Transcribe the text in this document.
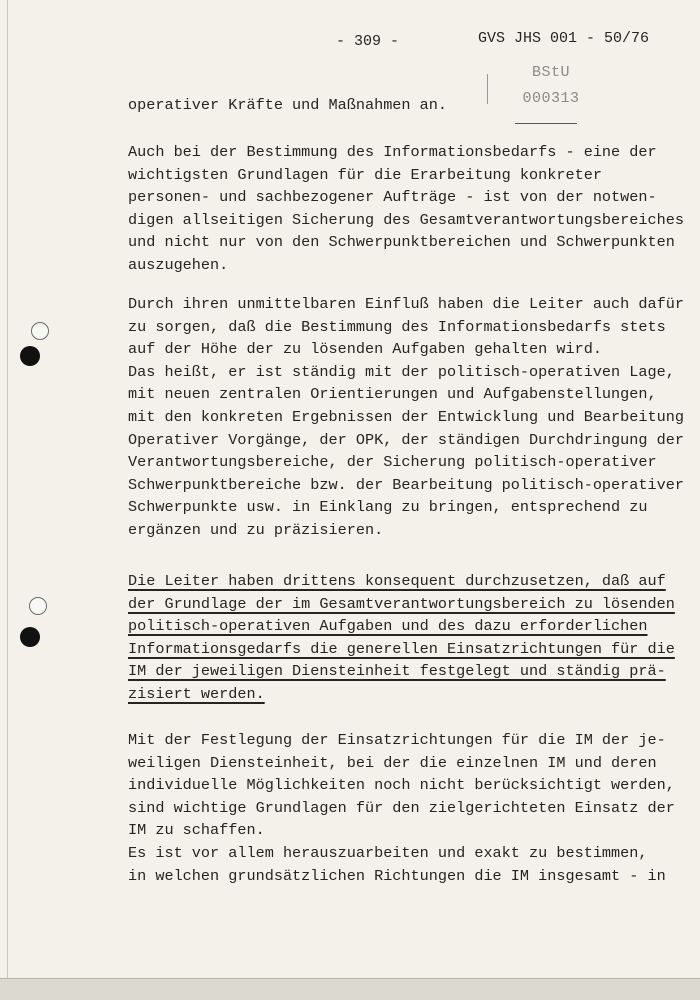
- 309 -	GVS JHS 001 - 50/76
BStU
000313
operativer Kräfte und Maßnahmen an.
Auch bei der Bestimmung des Informationsbedarfs - eine der
wichtigsten Grundlagen für die Erarbeitung konkreter
personen- und sachbezogener Aufträge - ist von der notwen-
digen allseitigen Sicherung des Gesamtverantwortungsbereiches
und nicht nur von den Schwerpunktbereichen und Schwerpunkten
auszugehen.
Durch ihren unmittelbaren Einfluß haben die Leiter auch dafür
zu sorgen, daß die Bestimmung des Informationsbedarfs stets
auf der Höhe der zu lösenden Aufgaben gehalten wird.
Das heißt, er ist ständig mit der politisch-operativen Lage,
mit neuen zentralen Orientierungen und Aufgabenstellungen,
mit den konkreten Ergebnissen der Entwicklung und Bearbeitung
Operativer Vorgänge, der OPK, der ständigen Durchdringung der
Verantwortungsbereiche, der Sicherung politisch-operativer
Schwerpunktbereiche bzw. der Bearbeitung politisch-operativer
Schwerpunkte usw. in Einklang zu bringen, entsprechend zu
ergänzen und zu präzisieren.
Die Leiter haben drittens konsequent durchzusetzen, daß auf
der Grundlage der im Gesamtverantwortungsbereich zu lösenden
politisch-operativen Aufgaben und des dazu erforderlichen
Informationsgedarfs die generellen Einsatzrichtungen für die
IM der jeweiligen Diensteinheit festgelegt und ständig prä-
zisiert werden.
Mit der Festlegung der Einsatzrichtungen für die IM der je-
weiligen Diensteinheit, bei der die einzelnen IM und deren
individuelle Möglichkeiten noch nicht berücksichtigt werden,
sind wichtige Grundlagen für den zielgerichteten Einsatz der
IM zu schaffen.
Es ist vor allem herauszuarbeiten und exakt zu bestimmen,
in welchen grundsätzlichen Richtungen die IM insgesamt - in
